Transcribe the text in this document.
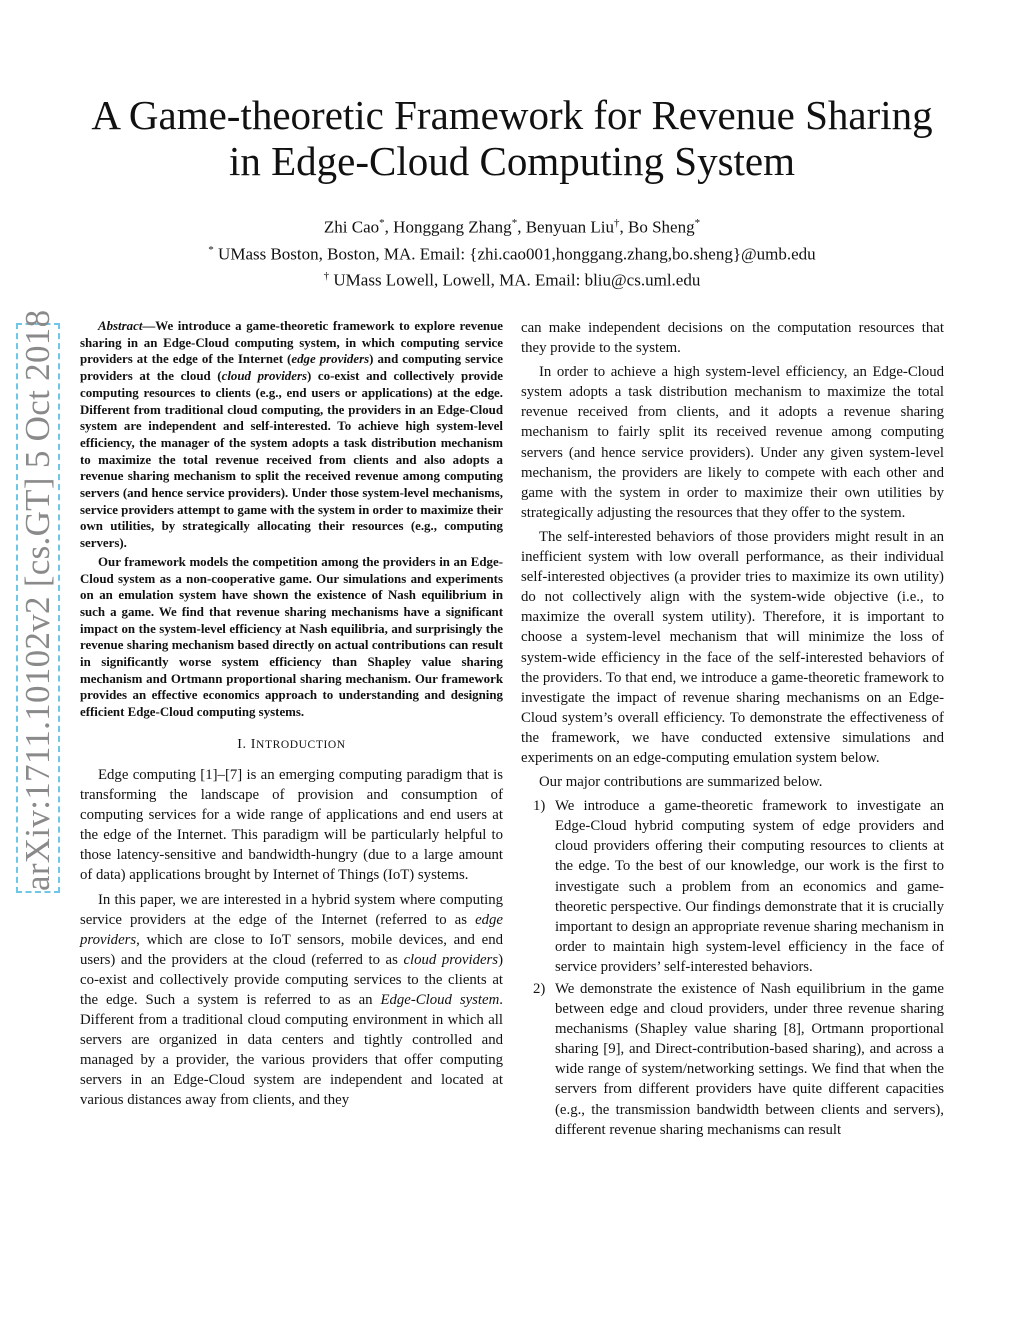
A Game-theoretic Framework for Revenue Sharing
in Edge-Cloud Computing System
Zhi Cao*, Honggang Zhang*, Benyuan Liu†, Bo Sheng*
* UMass Boston, Boston, MA. Email: {zhi.cao001,honggang.zhang,bo.sheng}@umb.edu
† UMass Lowell, Lowell, MA. Email: bliu@cs.uml.edu
arXiv:1711.10102v2 [cs.GT] 5 Oct 2018	Abstract—We introduce a game-theoretic framework to explore revenue sharing in an Edge-Cloud computing system, in which computing service providers at the edge of the Internet (edge providers) and computing service providers at the cloud (cloud providers) co-exist and collectively provide computing resources to clients (e.g., end users or applications) at the edge. Different from traditional cloud computing, the providers in an Edge-Cloud system are independent and self-interested. To achieve high system-level efficiency, the manager of the system adopts a task distribution mechanism to maximize the total revenue received from clients and also adopts a revenue sharing mechanism to split the received revenue among computing servers (and hence service providers). Under those system-level mechanisms, service providers attempt to game with the system in order to maximize their own utilities, by strategically allocating their resources (e.g., computing servers).

Our framework models the competition among the providers in an Edge-Cloud system as a non-cooperative game. Our simulations and experiments on an emulation system have shown the existence of Nash equilibrium in such a game. We find that revenue sharing mechanisms have a significant impact on the system-level efficiency at Nash equilibria, and surprisingly the revenue sharing mechanism based directly on actual contributions can result in significantly worse system efficiency than Shapley value sharing mechanism and Ortmann proportional sharing mechanism. Our framework provides an effective economics approach to understanding and designing efficient Edge-Cloud computing systems.

I. INTRODUCTION

Edge computing [1]–[7] is an emerging computing paradigm that is transforming the landscape of provision and consumption of computing services for a wide range of applications and end users at the edge of the Internet. This paradigm will be particularly helpful to those latency-sensitive and bandwidth-hungry (due to a large amount of data) applications brought by Internet of Things (IoT) systems.

In this paper, we are interested in a hybrid system where computing service providers at the edge of the Internet (referred to as edge providers, which are close to IoT sensors, mobile devices, and end users) and the providers at the cloud (referred to as cloud providers) co-exist and collectively provide computing services to the clients at the edge. Such a system is referred to as an Edge-Cloud system. Different from a traditional cloud computing environment in which all servers are organized in data centers and tightly controlled and managed by a provider, the various providers that offer computing servers in an Edge-Cloud system are independent and located at various distances away from clients, and they

can make independent decisions on the computation resources that they provide to the system.

In order to achieve a high system-level efficiency, an Edge-Cloud system adopts a task distribution mechanism to maximize the total revenue received from clients, and it adopts a revenue sharing mechanism to fairly split its received revenue among computing servers (and hence service providers). Under any given system-level mechanism, the providers are likely to compete with each other and game with the system in order to maximize their own utilities by strategically adjusting the resources that they offer to the system.

The self-interested behaviors of those providers might result in an inefficient system with low overall performance, as their individual self-interested objectives (a provider tries to maximize its own utility) do not collectively align with the system-wide objective (i.e., to maximize the overall system utility). Therefore, it is important to choose a system-level mechanism that will minimize the loss of system-wide efficiency in the face of the self-interested behaviors of the providers. To that end, we introduce a game-theoretic framework to investigate the impact of revenue sharing mechanisms on an Edge-Cloud system’s overall efficiency. To demonstrate the effectiveness of the framework, we have conducted extensive simulations and experiments on an edge-computing emulation system below.

Our major contributions are summarized below.

1) We introduce a game-theoretic framework to investigate an Edge-Cloud hybrid computing system of edge providers and cloud providers offering their computing resources to clients at the edge. To the best of our knowledge, our work is the first to investigate such a problem from an economics and game-theoretic perspective. Our findings demonstrate that it is crucially important to design an appropriate revenue sharing mechanism in order to maintain high system-level efficiency in the face of service providers’ self-interested behaviors.
2) We demonstrate the existence of Nash equilibrium in the game between edge and cloud providers, under three revenue sharing mechanisms (Shapley value sharing [8], Ortmann proportional sharing [9], and Direct-contribution-based sharing), and across a wide range of system/networking settings. We find that when the servers from different providers have quite different capacities (e.g., the transmission bandwidth between clients and servers), different revenue sharing mechanisms can result
